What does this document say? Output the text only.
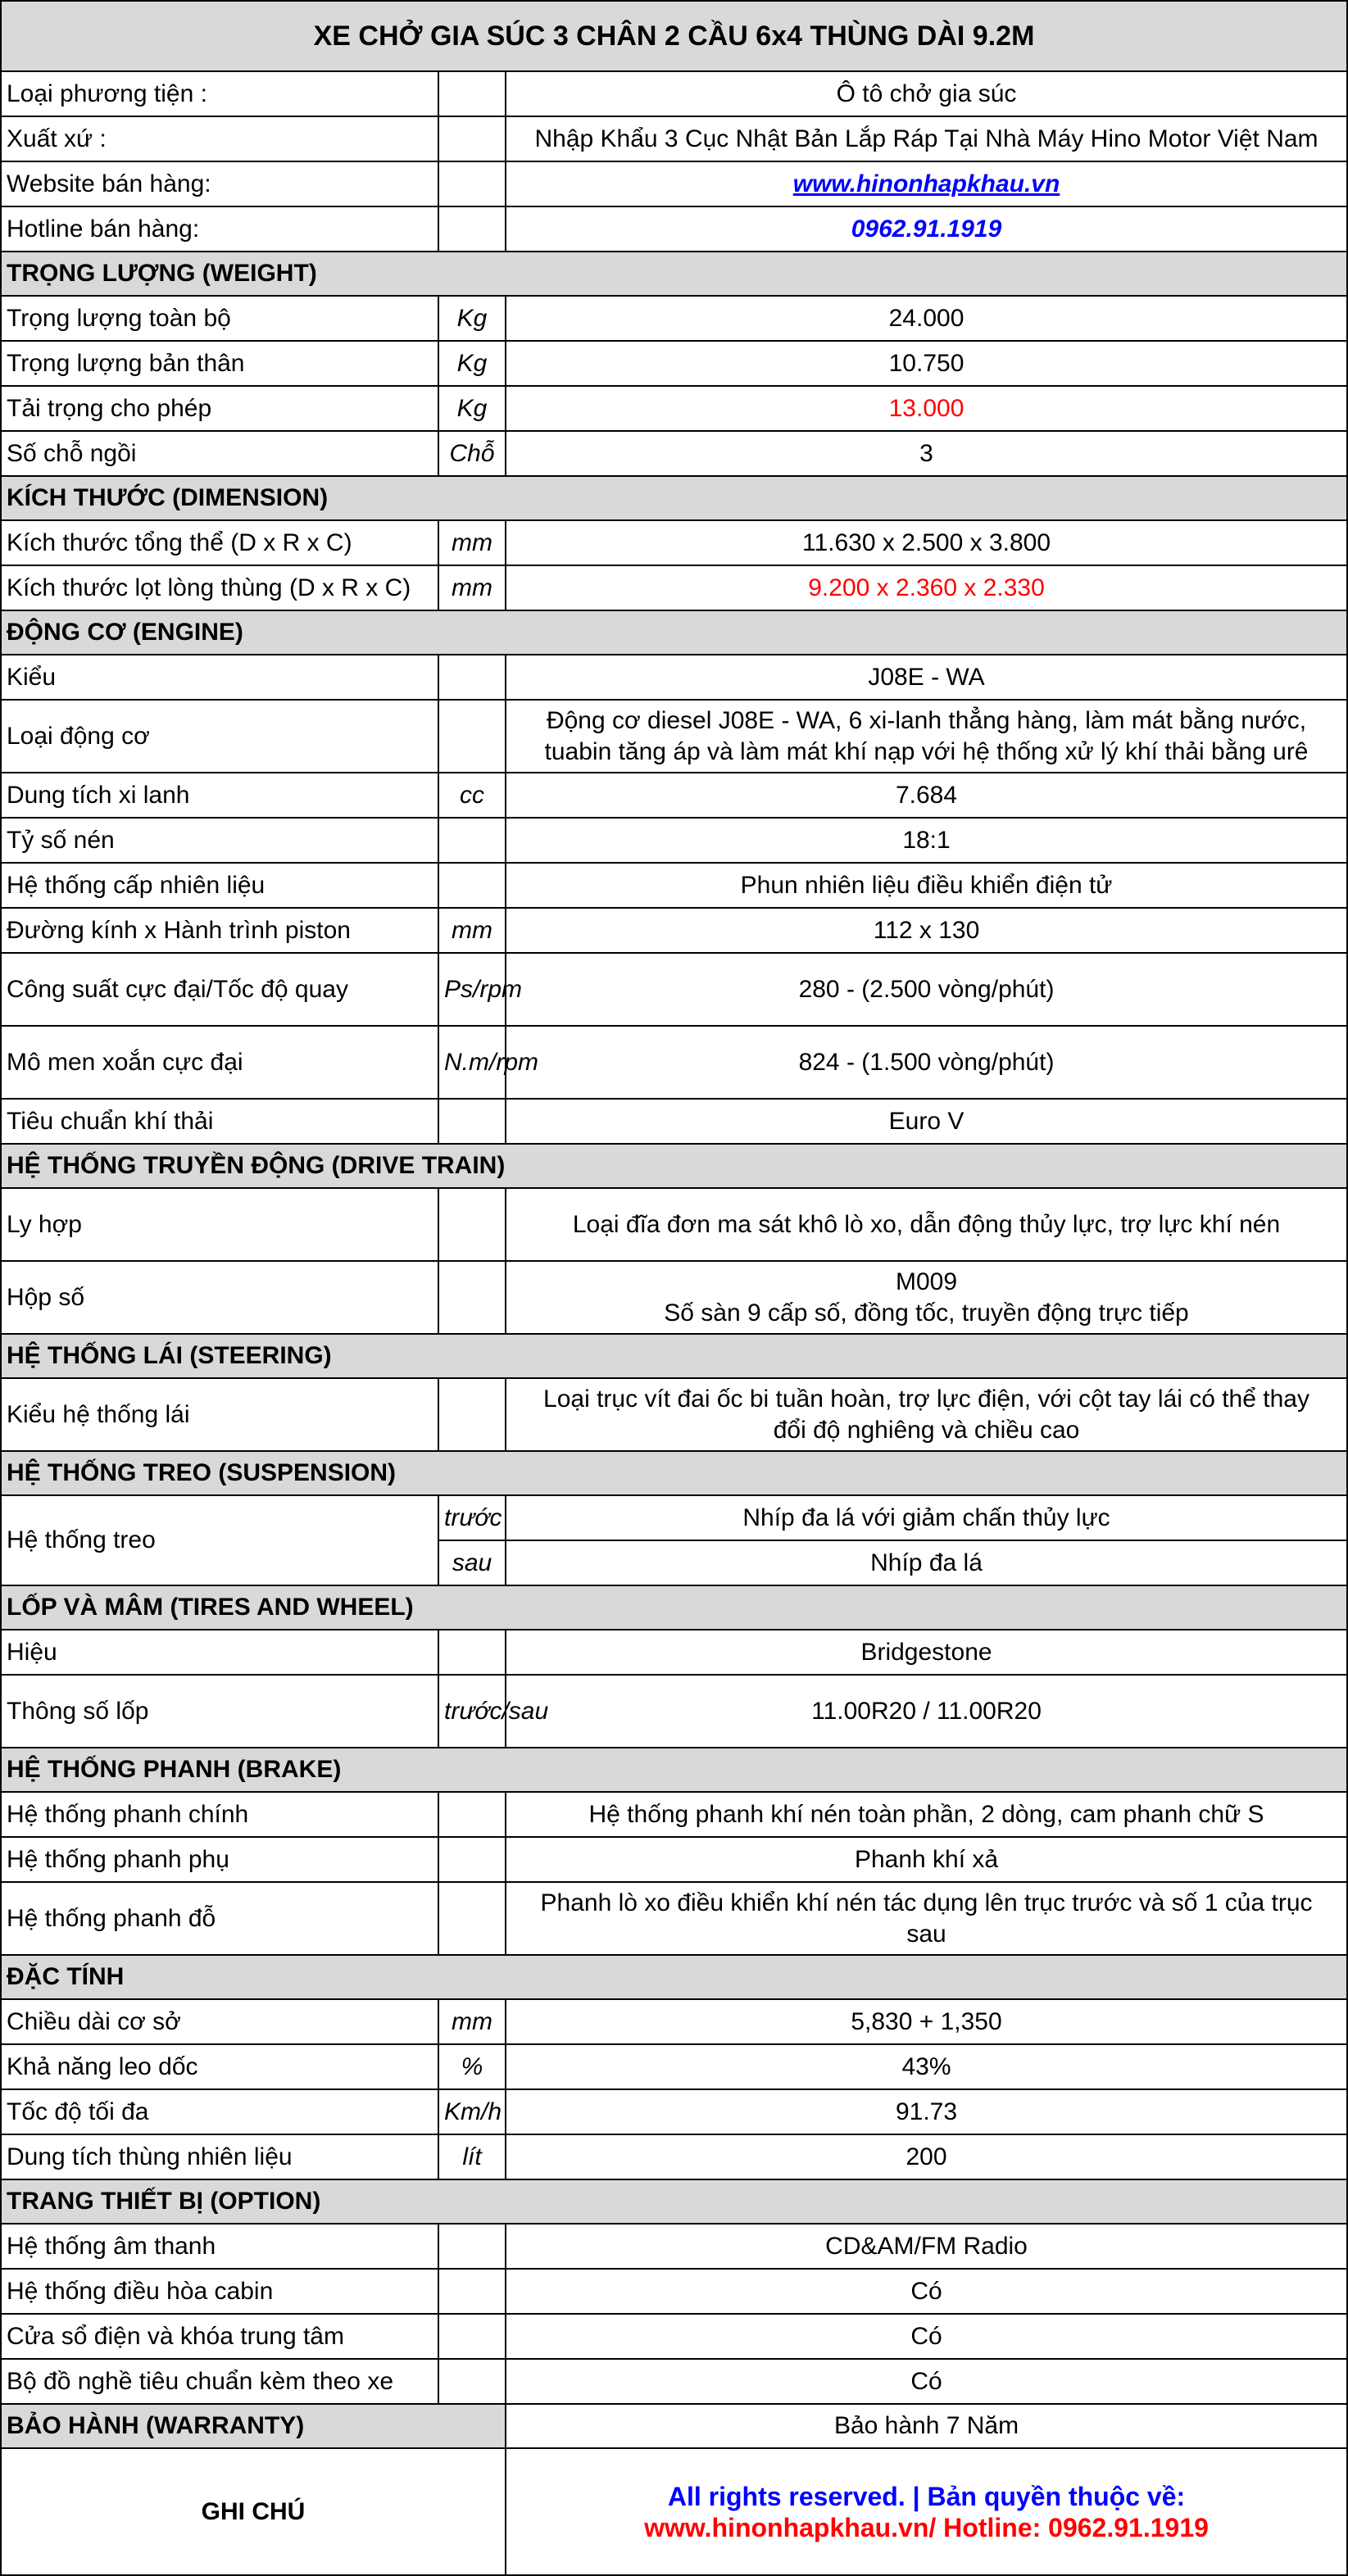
XE CHỞ GIA SÚC 3 CHÂN 2 CẦU 6x4 THÙNG DÀI 9.2M		
Loại phương tiện :		Ô tô chở gia súc
Xuất xứ :		Nhập Khẩu 3 Cục Nhật Bản Lắp Ráp Tại Nhà Máy Hino Motor Việt Nam
Website bán hàng:		www.hinonhapkhau.vn
Hotline bán hàng:		0962.91.1919
TRỌNG LƯỢNG (WEIGHT)		
Trọng lượng toàn bộ	Kg	24.000
Trọng lượng bản thân	Kg	10.750
Tải trọng cho phép	Kg	13.000
Số chỗ ngồi	Chỗ	3
KÍCH THƯỚC (DIMENSION)		
Kích thước tổng thể (D x R x C)	mm	11.630 x 2.500 x 3.800
Kích thước lọt lòng thùng (D x R x C)	mm	9.200 x 2.360 x 2.330
ĐỘNG CƠ (ENGINE)		
Kiểu		J08E - WA
Loại động cơ		Động cơ diesel J08E - WA, 6 xi-lanh thẳng hàng, làm mát bằng nước,
tuabin tăng áp và làm mát khí nạp với hệ thống xử lý khí thải bằng urê

Dung tích xi lanh	cc	7.684
Tỷ số nén		18:1
Hệ thống cấp nhiên liệu		Phun nhiên liệu điều khiển điện tử
Đường kính x Hành trình piston	mm	112 x 130
Công suất cực đại/Tốc độ quay	Ps/rpm	280 - (2.500 vòng/phút)
Mô men xoắn cực đại	N.m/rpm	824 - (1.500 vòng/phút)
Tiêu chuẩn khí thải		Euro V
HỆ THỐNG TRUYỀN ĐỘNG (DRIVE TRAIN)		
Ly hợp		Loại đĩa đơn ma sát khô lò xo, dẫn động thủy lực, trợ lực khí nén
Hộp số		M009
Số sàn 9 cấp số, đồng tốc, truyền động trực tiếp

HỆ THỐNG LÁI (STEERING)		
Kiểu hệ thống lái		Loại trục vít đai ốc bi tuần hoàn, trợ lực điện, với cột tay lái có thể thay
đổi độ nghiêng và chiều cao

HỆ THỐNG TREO (SUSPENSION)		
Hệ thống treo	trước	Nhíp đa lá với giảm chấn thủy lực
	sau	Nhíp đa lá
LỐP VÀ MÂM (TIRES AND WHEEL)		
Hiệu		Bridgestone
Thông số lốp	trước/sau	11.00R20 / 11.00R20
HỆ THỐNG PHANH (BRAKE)		
Hệ thống phanh chính		Hệ thống phanh khí nén toàn phần, 2 dòng, cam phanh chữ S
Hệ thống phanh phụ		Phanh khí xả
Hệ thống phanh đỗ		Phanh lò xo điều khiển khí nén tác dụng lên trục trước và số 1 của trục
sau

ĐẶC TÍNH		
Chiều dài cơ sở	mm	5,830 + 1,350
Khả năng leo dốc	%	43%
Tốc độ tối đa	Km/h	91.73
Dung tích thùng nhiên liệu	lít	200
TRANG THIẾT BỊ (OPTION)		
Hệ thống âm thanh		CD&AM/FM Radio
Hệ thống điều hòa cabin		Có
Cửa sổ điện và khóa trung tâm		Có
Bộ đồ nghề tiêu chuẩn kèm theo xe		Có
BẢO HÀNH (WARRANTY)		Bảo hành 7 Năm
GHI CHÚ		All rights reserved. | Bản quyền thuộc về:
www.hinonhapkhau.vn/ Hotline: 0962.91.1919
